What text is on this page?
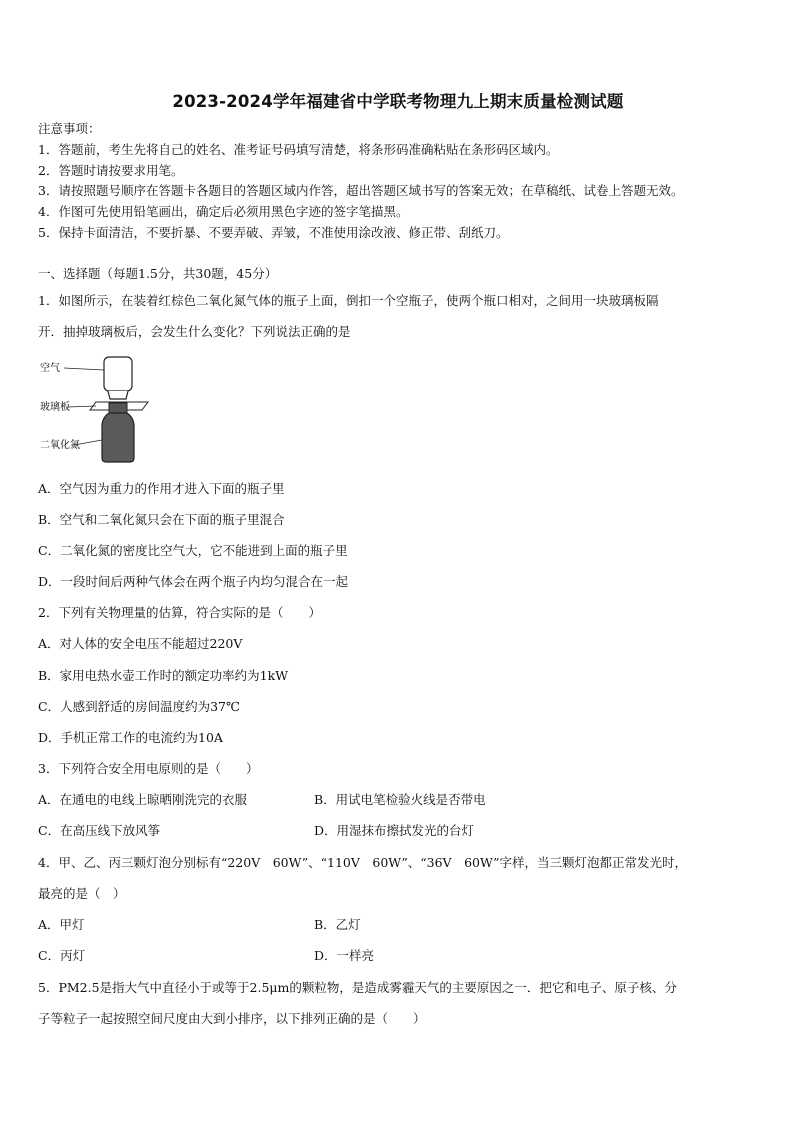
2023-2024学年福建省中学联考物理九上期末质量检测试题
注意事项：
1．答题前，考生先将自己的姓名、准考证号码填写清楚，将条形码准确粘贴在条形码区域内。
2．答题时请按要求用笔。
3．请按照题号顺序在答题卡各题目的答题区域内作答，超出答题区域书写的答案无效；在草稿纸、试卷上答题无效。
4．作图可先使用铅笔画出，确定后必须用黑色字迹的签字笔描黑。
5．保持卡面清洁，不要折暴、不要弄破、弄皱，不准使用涂改液、修正带、刮纸刀。
一、选择题（每题1.5分，共30题，45分）
1．如图所示，在装着红棕色二氧化氮气体的瓶子上面，倒扣一个空瓶子，使两个瓶口相对，之间用一块玻璃板隔
开．抽掉玻璃板后，会发生什么变化？下列说法正确的是
空气
玻璃板
二氧化氮
A．空气因为重力的作用才进入下面的瓶子里
B．空气和二氧化氮只会在下面的瓶子里混合
C．二氧化氮的密度比空气大，它不能进到上面的瓶子里
D．一段时间后两种气体会在两个瓶子内均匀混合在一起
2．下列有关物理量的估算，符合实际的是（　　）
A．对人体的安全电压不能超过220V
B．家用电热水壶工作时的额定功率约为1kW
C．人感到舒适的房间温度约为37℃
D．手机正常工作的电流约为10A
3．下列符合安全用电原则的是（　　）
A．在通电的电线上晾晒刚洗完的衣服	B．用试电笔检验火线是否带电
C．在高压线下放风筝	D．用湿抹布擦拭发光的台灯
4．甲、乙、丙三颗灯泡分别标有“220V　60W”、“110V　60W”、“36V　60W”字样，当三颗灯泡都正常发光时，
最亮的是（　）
A．甲灯	B．乙灯
C．丙灯	D．一样亮
5．PM2.5是指大气中直径小于或等于2.5μm的颗粒物，是造成雾霾天气的主要原因之一．把它和电子、原子核、分
子等粒子一起按照空间尺度由大到小排序，以下排列正确的是（　　）
